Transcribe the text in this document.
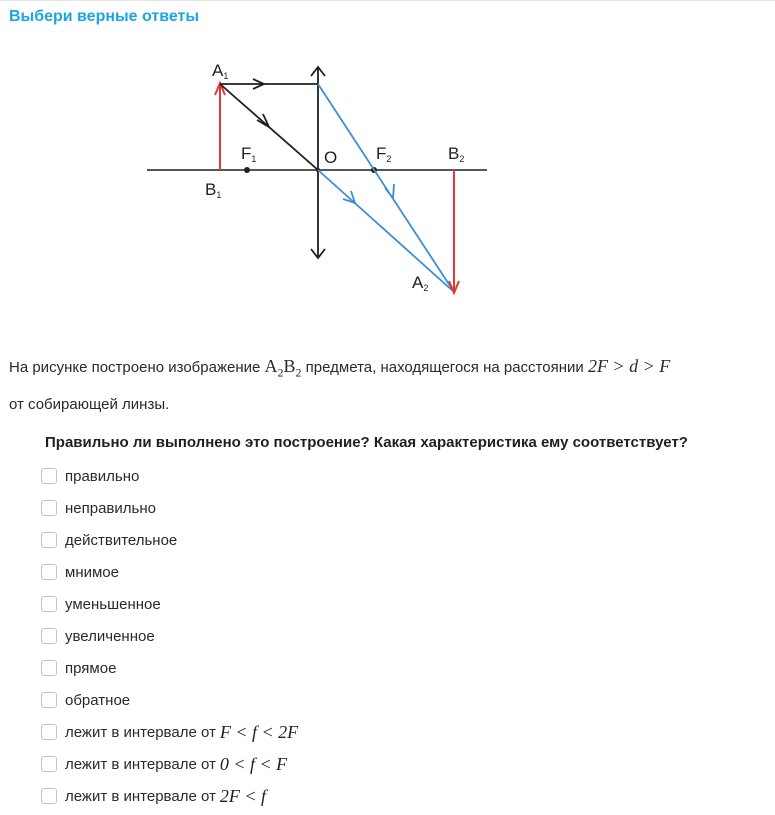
Выбери верные ответы
A1
B1
F1	O F2	B2
A2
На рисунке построено изображение $A_2B_2$ предмета, находящегося на расстоянии 2F > d > F
от собирающей линзы.
Правильно ли выполнено это построение? Какая характеристика ему соответствует?
правильно
неправильно
действительное
мнимое
уменьшенное
увеличенное
прямое
обратное
лежит в интервале от F < f < 2F
лежит в интервале от 0 < f < F
лежит в интервале от 2F < f
